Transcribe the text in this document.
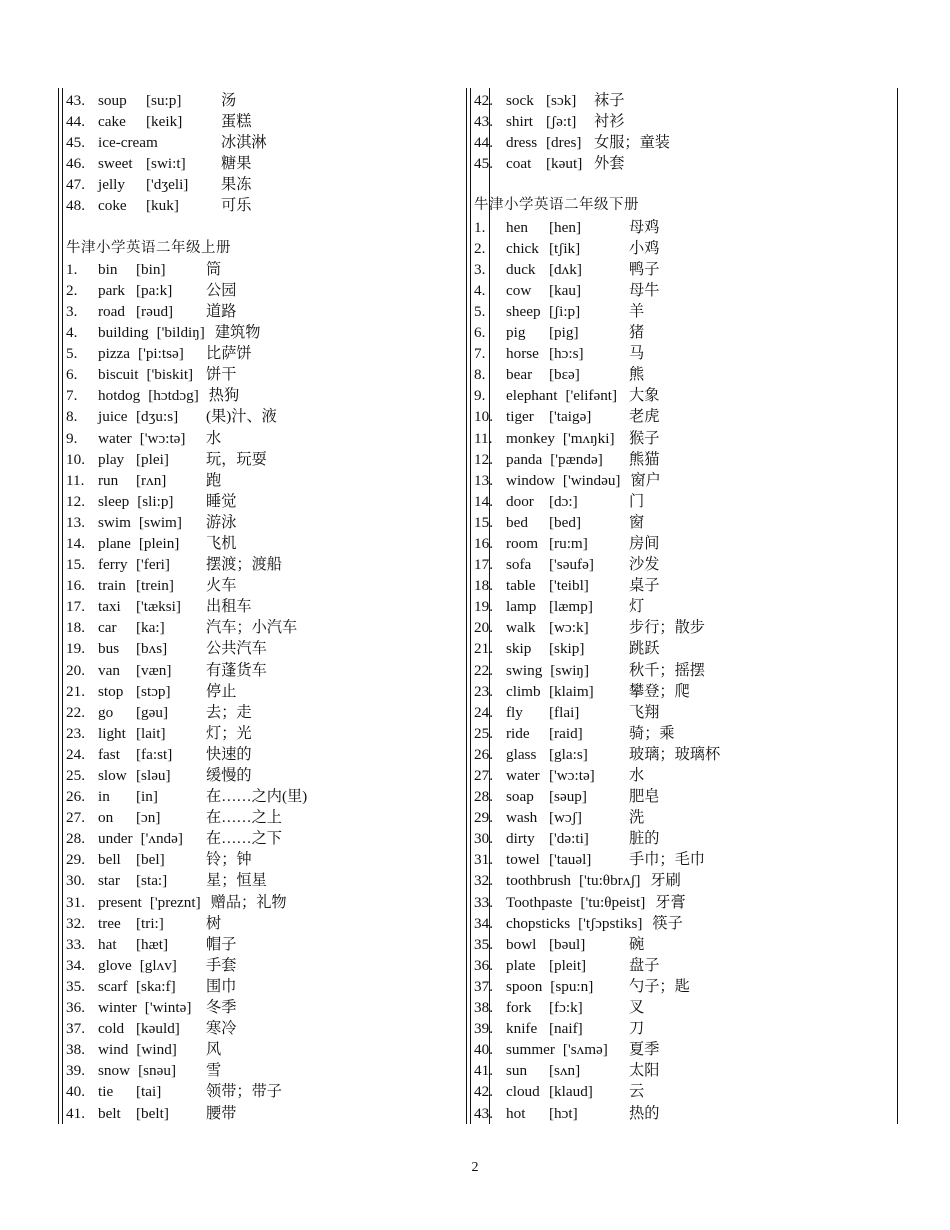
43. soup [su:p]	汤
44. cake [keik]	蛋糕
45. ice-cream	冰淇淋
46. sweet [swi:t] 糖果
47. jelly ['dʒeli] 果冻
48. coke [kuk]	可乐
牛津小学英语二年级上册
1. bin [bin]	筒
2. park [pa:k] 公园
3. road [rəud] 道路
4. building ['bildiŋ] 建筑物
5. pizza ['pi:tsə] 比萨饼
6. biscuit ['biskit] 饼干
7. hotdog [hɔtdɔg] 热狗
8. juice [dʒu:s] (果)汁、液
9. water ['wɔ:tə] 水
10. play [plei] 玩，玩耍
11. run [rʌn]	跑
12. sleep [sli:p] 睡觉
13. swim [swim] 游泳
14. plane [plein] 飞机
15. ferry ['feri] 摆渡；渡船
16. train [trein] 火车
17. taxi ['tæksi] 出租车
18. car [ka:]	汽车；小汽车
19. bus [bʌs]	公共汽车
20. van [væn] 有蓬货车
21. stop [stɔp] 停止
22. go [gəu] 去；走
23. light [lait]	灯；光
24. fast [fa:st] 快速的
25. slow [sləu] 缓慢的
26. in [in]	在……之内(里)
27. on [ɔn]	在……之上
28. under ['ʌndə] 在……之下
29. bell [bel]	铃；钟
30. star [sta:]	星；恒星
31. present ['preznt] 赠品；礼物
32. tree [tri:]	树
33. hat [hæt] 帽子
34. glove [glʌv] 手套
35. scarf [ska:f] 围巾
36. winter ['wintə] 冬季
37. cold [kəuld] 寒冷
38. wind [wind] 风
39. snow [snəu] 雪
40. tie [tai]	领带；带子
41. belt [belt] 腰带
42. sock [sɔk] 袜子
43. shirt [ʃə:t] 衬衫
44. dress [dres] 女服；童装
45. coat [kəut] 外套
牛津小学英语二年级下册
1. hen [hen]	母鸡
2. chick [tʃik]	小鸡
3. duck [dʌk]	鸭子
4. cow [kau]	母牛
5. sheep [ʃi:p]	羊
6. pig [pig]	猪
7. horse [hɔ:s]	马
8. bear [bεə]	熊
9. elephant ['elifənt] 大象
10. tiger ['taigə] 老虎
11. monkey ['mʌŋki] 猴子
12. panda ['pændə] 熊猫
13. window ['windəu] 窗户
14. door [dɔ:]	门
15. bed [bed]	窗
16. room [ru:m]	房间
17. sofa ['səufə] 沙发
18. table ['teibl]	桌子
19. lamp [læmp] 灯
20. walk [wɔ:k]	步行；散步
21. skip [skip]	跳跃
22. swing [swiŋ]	秋千；摇摆
23. climb [klaim] 攀登；爬
24. fly [flai]	飞翔
25. ride [raid]	骑；乘
26. glass [gla:s]	玻璃；玻璃杯
27. water ['wɔ:tə] 水
28. soap [səup]	肥皂
29. wash [wɔʃ]	洗
30. dirty ['də:ti]	脏的
31. towel ['tauəl] 手巾；毛巾
32. toothbrush ['tu:θbrʌʃ] 牙刷
33. Toothpaste ['tu:θpeist] 牙膏
34. chopsticks ['tʃɔpstiks] 筷子
35. bowl [bəul]	碗
36. plate [pleit]	盘子
37. spoon [spu:n] 勺子；匙
38. fork [fɔ:k]	叉
39. knife [naif]	刀
40. summer ['sʌmə] 夏季
41. sun [sʌn]	太阳
42. cloud [klaud] 云
43. hot [hɔt]	热的
2
